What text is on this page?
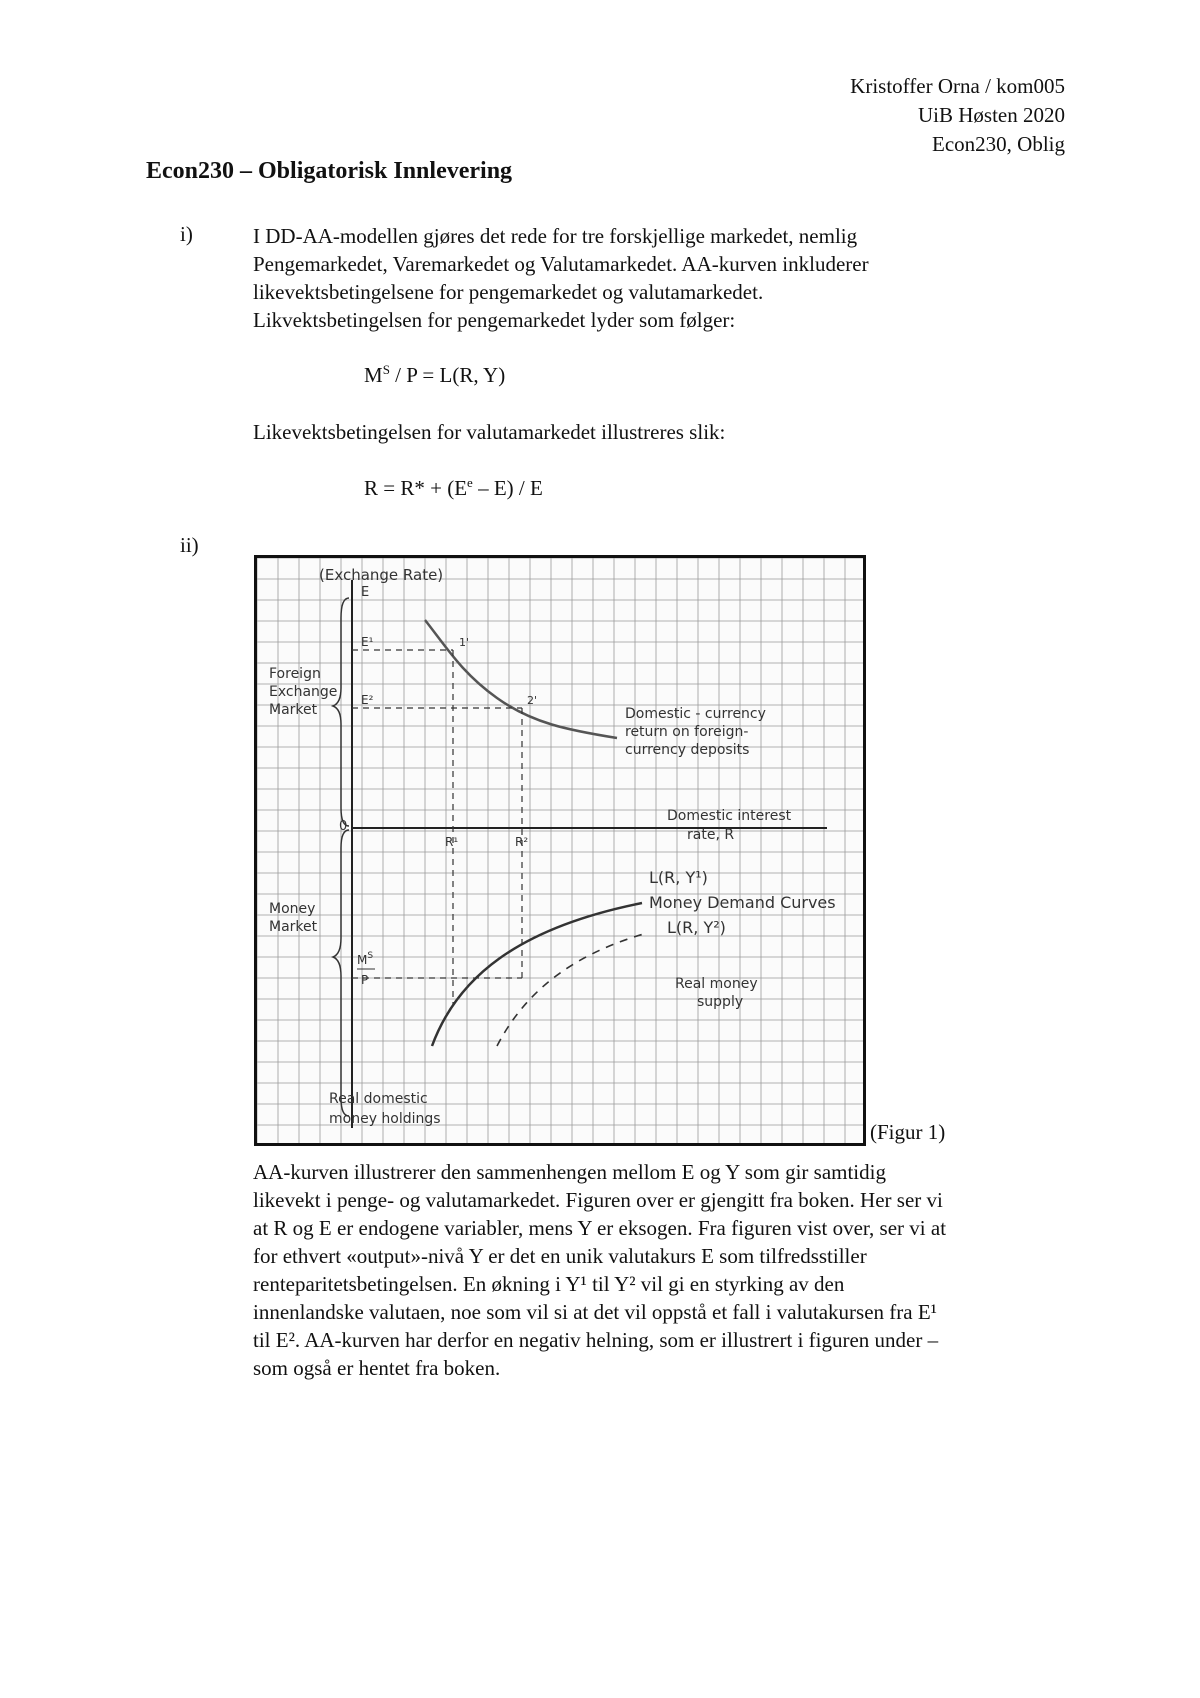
Kristoffer Orna / kom005
UiB Høsten 2020
Econ230, Oblig
Econ230 – Obligatorisk Innlevering
i)	I DD-AA-modellen gjøres det rede for tre forskjellige markedet, nemlig
Pengemarkedet, Varemarkedet og Valutamarkedet. AA-kurven inkluderer
likevektsbetingelsene for pengemarkedet og valutamarkedet.
Likvektsbetingelsen for pengemarkedet lyder som følger:
$M^S / P = L(R$, Y)
Likevektsbetingelsen for valutamarkedet illustreres slik:
$R = R* + (E^e - E) / E$
ii)
(Exchange Rate)
E
E¹
E²
1'
2'
Foreign
Exchange
Market	Domestic - currency
return on foreign-
currency deposits
0
R¹	R²
Domestic interest
rate, R
L(R, Y¹)
Money Demand Curves
L(R, Y²)
Money
Market
$M^S$
P	Real money
supply
Real domestic
money holdings
(Figur 1)
AA-kurven illustrerer den sammenhengen mellom E og Y som gir samtidig
likevekt i penge- og valutamarkedet. Figuren over er gjengitt fra boken. Her ser vi
at R og E er endogene variabler, mens Y er eksogen. Fra figuren vist over, ser vi at
for ethvert «output»-nivå Y er det en unik valutakurs E som tilfredsstiller
renteparitetsbetingelsen. En økning i Y¹ til Y² vil gi en styrking av den
innenlandske valutaen, noe som vil si at det vil oppstå et fall i valutakursen fra E¹
til E². AA-kurven har derfor en negativ helning, som er illustrert i figuren under –
som også er hentet fra boken.
